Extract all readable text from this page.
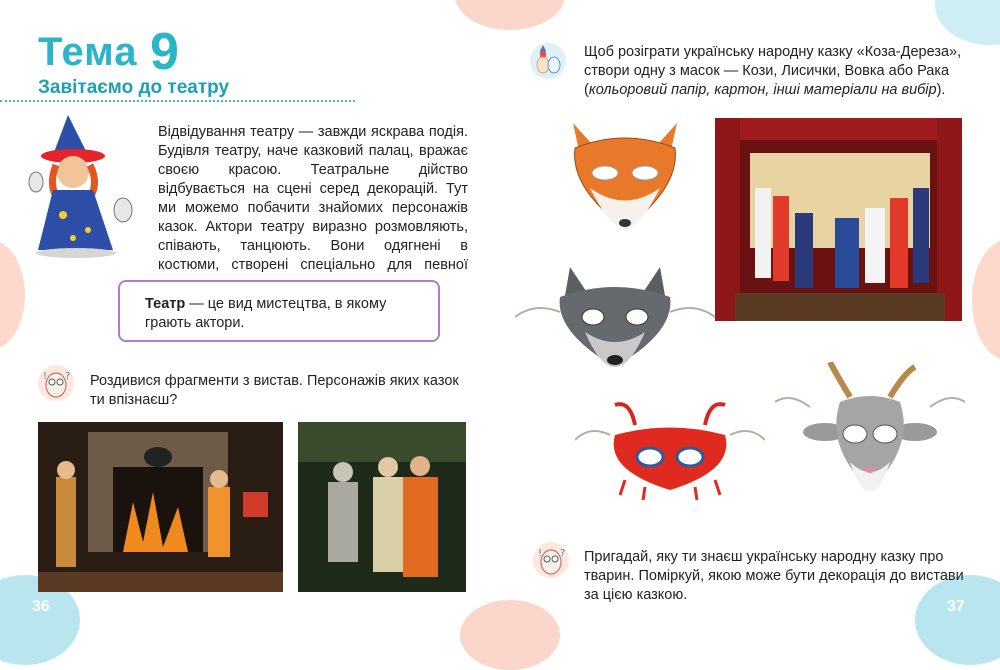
Тема 9
Завітаємо до театру
Відвідування театру — завжди яскрава подія. Будівля театру, наче казковий палац, вражає своєю красою. Театральне дійство відбувається на сцені серед декорацій. Тут ми можемо побачити знайомих персонажів казок. Актори театру виразно розмовляють, співають, танцюють. Вони одягнені в костюми, створені спеціально для певної
Театр — це вид мистецтва, в якому грають актори.
! ? Роздивися фрагменти з вистав. Персонажів яких казок ти впізнаєш?
36
Щоб розіграти українську народну казку «Коза-Дереза», створи одну з масок — Кози, Лисички, Вовка або Рака (кольоровий папір, картон, інші матеріали на вибір).
! ? Пригадай, яку ти знаєш українську народну казку про тварин. Поміркуй, якою може бути декорація до вистави за цією казкою.
37
